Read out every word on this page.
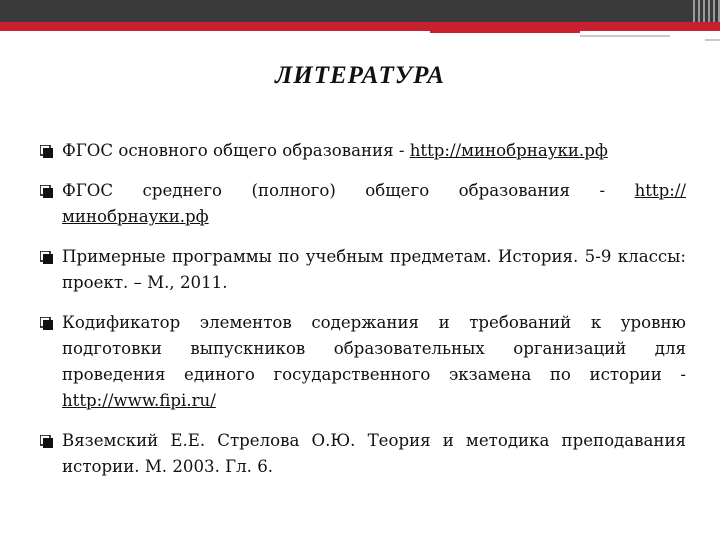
ЛИТЕРАТУРА
ФГОС основного общего образования - http://минобрнауки.рф
ФГОС среднего (полного) общего образования - http://минобрнауки.рф
Примерные программы по учебным предметам. История. 5-9 классы: проект. – М., 2011.
Кодификатор элементов содержания и требований к уровню подготовки выпускников образовательных организаций для проведения единого государственного экзамена по истории - http://www.fipi.ru/
Вяземский Е.Е. Стрелова О.Ю. Теория и методика преподавания истории. М. 2003. Гл. 6.
